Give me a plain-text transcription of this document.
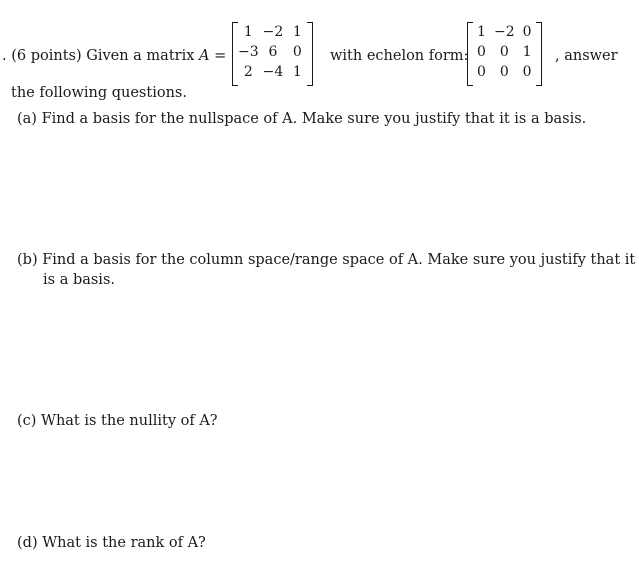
. (6 points) Given a matrix A =
1	−2	1
−3	6	0
2	−4	1
with echelon form:
1	−2	0
0	0	1
0	0	0
, answer
the following questions.
(a) Find a basis for the nullspace of A. Make sure you justify that it is a basis.
(b) Find a basis for the column space/range space of A. Make sure you justify that it
is a basis.
(c) What is the nullity of A?
(d) What is the rank of A?
